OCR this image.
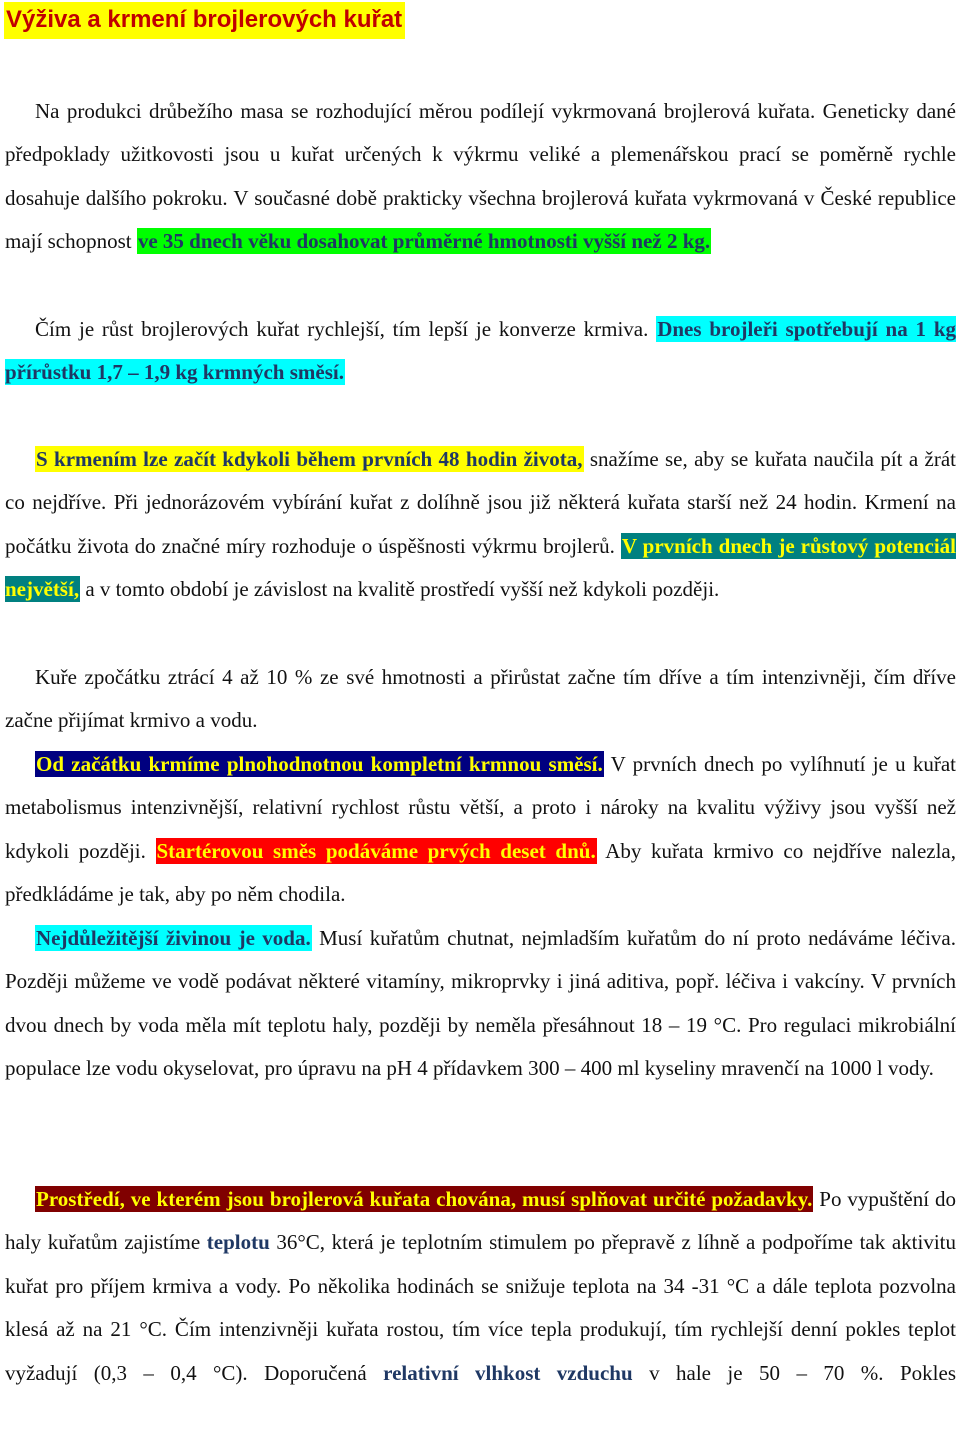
Výživa a krmení brojlerových kuřat

Na produkci drůbežího masa se rozhodující měrou podílejí vykrmovaná brojlerová kuřata. Geneticky dané předpoklady užitkovosti jsou u kuřat určených k výkrmu veliké a plemenářskou prací se poměrně rychle dosahuje dalšího pokroku. V současné době prakticky všechna brojlerová kuřata vykrmovaná v České republice mají schopnost ve 35 dnech věku dosahovat průměrné hmotnosti vyšší než 2 kg.

Čím je růst brojlerových kuřat rychlejší, tím lepší je konverze krmiva. Dnes brojleři spotřebují na 1 kg přírůstku 1,7 – 1,9 kg krmných směsí.

S krmením lze začít kdykoli během prvních 48 hodin života, snažíme se, aby se kuřata naučila pít a žrát co nejdříve. Při jednorázovém vybírání kuřat z dolíhně jsou již některá kuřata starší než 24 hodin. Krmení na počátku života do značné míry rozhoduje o úspěšnosti výkrmu brojlerů. V prvních dnech je růstový potenciál největší, a v tomto období je závislost na kvalitě prostředí vyšší než kdykoli později.

Kuře zpočátku ztrácí 4 až 10 % ze své hmotnosti a přirůstat začne tím dříve a tím intenzivněji, čím dříve začne přijímat krmivo a vodu.

Od začátku krmíme plnohodnotnou kompletní krmnou směsí. V prvních dnech po vylíhnutí je u kuřat metabolismus intenzivnější, relativní rychlost růstu větší, a proto i nároky na kvalitu výživy jsou vyšší než kdykoli později. Startérovou směs podáváme prvých deset dnů. Aby kuřata krmivo co nejdříve nalezla, předkládáme je tak, aby po něm chodila.

Nejdůležitější živinou je voda. Musí kuřatům chutnat, nejmladším kuřatům do ní proto nedáváme léčiva. Později můžeme ve vodě podávat některé vitamíny, mikroprvky i jiná aditiva, popř. léčiva i vakcíny. V prvních dvou dnech by voda měla mít teplotu haly, později by neměla přesáhnout 18 – 19 °C. Pro regulaci mikrobiální populace lze vodu okyselovat, pro úpravu na pH 4 přídavkem 300 – 400 ml kyseliny mravenčí na 1000 l vody.

Prostředí, ve kterém jsou brojlerová kuřata chována, musí splňovat určité požadavky. Po vypuštění do haly kuřatům zajistíme teplotu 36°C, která je teplotním stimulem po přepravě z líhně a podpoříme tak aktivitu kuřat pro příjem krmiva a vody. Po několika hodinách se snižuje teplota na 34 -31 °C a dále teplota pozvolna klesá až na 21 °C. Čím intenzivněji kuřata rostou, tím více tepla produkují, tím rychlejší denní pokles teplot vyžadují (0,3 – 0,4 °C). Doporučená relativní vlhkost vzduchu v hale je 50 – 70 %. Pokles
